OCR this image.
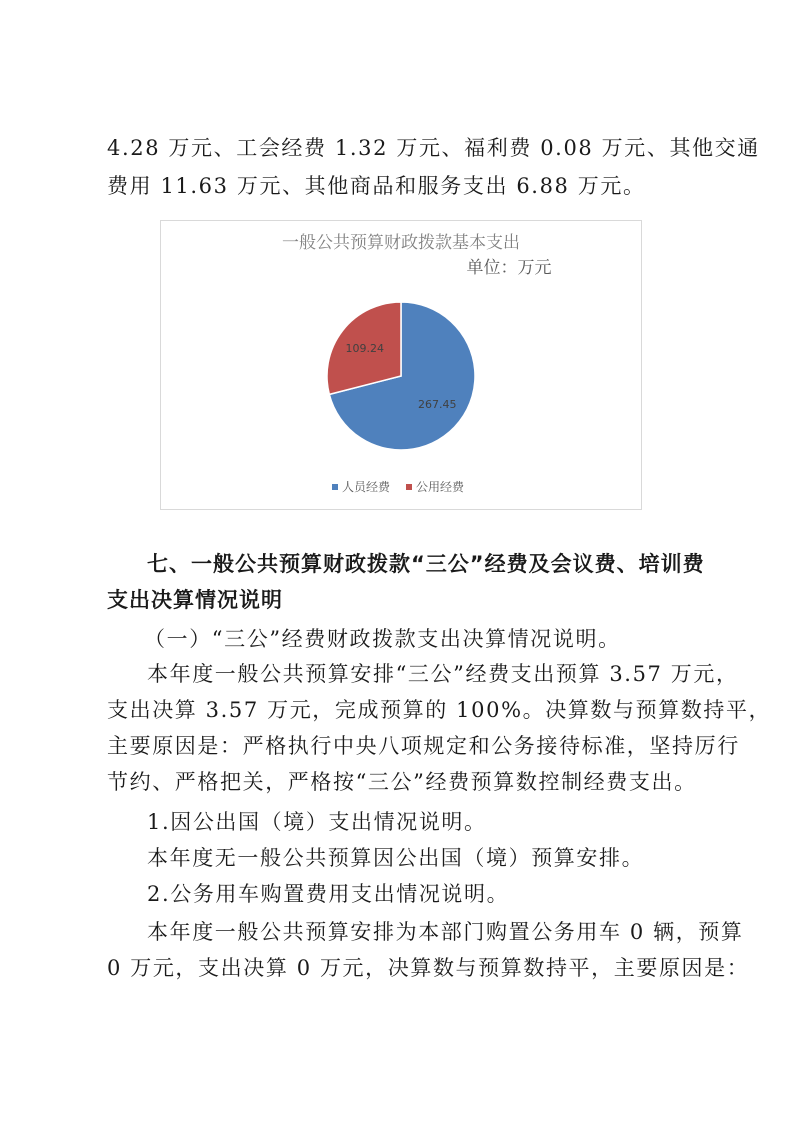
4.28 万元、工会经费 1.32 万元、福利费 0.08 万元、其他交通
费用 11.63 万元、其他商品和服务支出 6.88 万元。
一般公共预算财政拨款基本支出
单位：万元
267.45
109.24
人员经费 公用经费
七、一般公共预算财政拨款“三公”经费及会议费、培训费
支出决算情况说明
（一）“三公”经费财政拨款支出决算情况说明。
本年度一般公共预算安排“三公”经费支出预算 3.57 万元，
支出决算 3.57 万元，完成预算的 100%。决算数与预算数持平，
主要原因是：严格执行中央八项规定和公务接待标准，坚持厉行
节约、严格把关，严格按“三公”经费预算数控制经费支出。
1.因公出国（境）支出情况说明。
本年度无一般公共预算因公出国（境）预算安排。
2.公务用车购置费用支出情况说明。
本年度一般公共预算安排为本部门购置公务用车 0 辆，预算
0 万元，支出决算 0 万元，决算数与预算数持平，主要原因是：
